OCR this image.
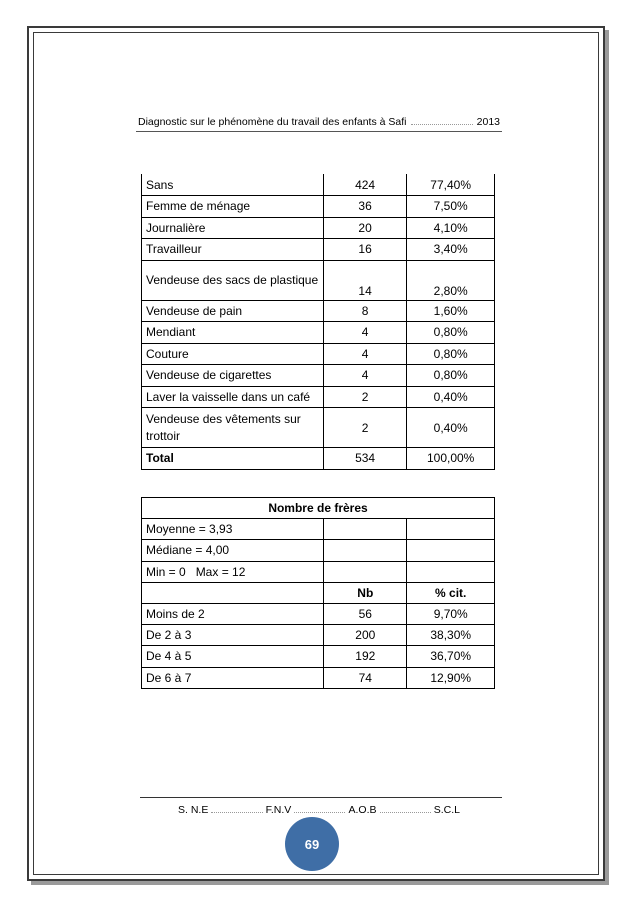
Diagnostic sur le phénomène du travail des enfants à Safi	2013
Sans	424	77,40%
Femme de ménage	36	7,50%
Journalière	20	4,10%
Travailleur	16	3,40%
Vendeuse des sacs de plastique	14	2,80%
Vendeuse de pain	8	1,60%
Mendiant	4	0,80%
Couture	4	0,80%
Vendeuse de cigarettes	4	0,80%
Laver la vaisselle dans un café	2	0,40%
Vendeuse des vêtements sur trottoir	2	0,40%
Total	534	100,00%
Nombre de frères		
Moyenne = 3,93		
Médiane = 4,00		
Min = 0   Max = 12		
	Nb	% cit.
Moins de 2	56	9,70%
De 2 à 3	200	38,30%
De 4 à 5	192	36,70%
De 6 à 7	74	12,90%
S. N.E	F.N.V	A.O.B	S.C.L
69
